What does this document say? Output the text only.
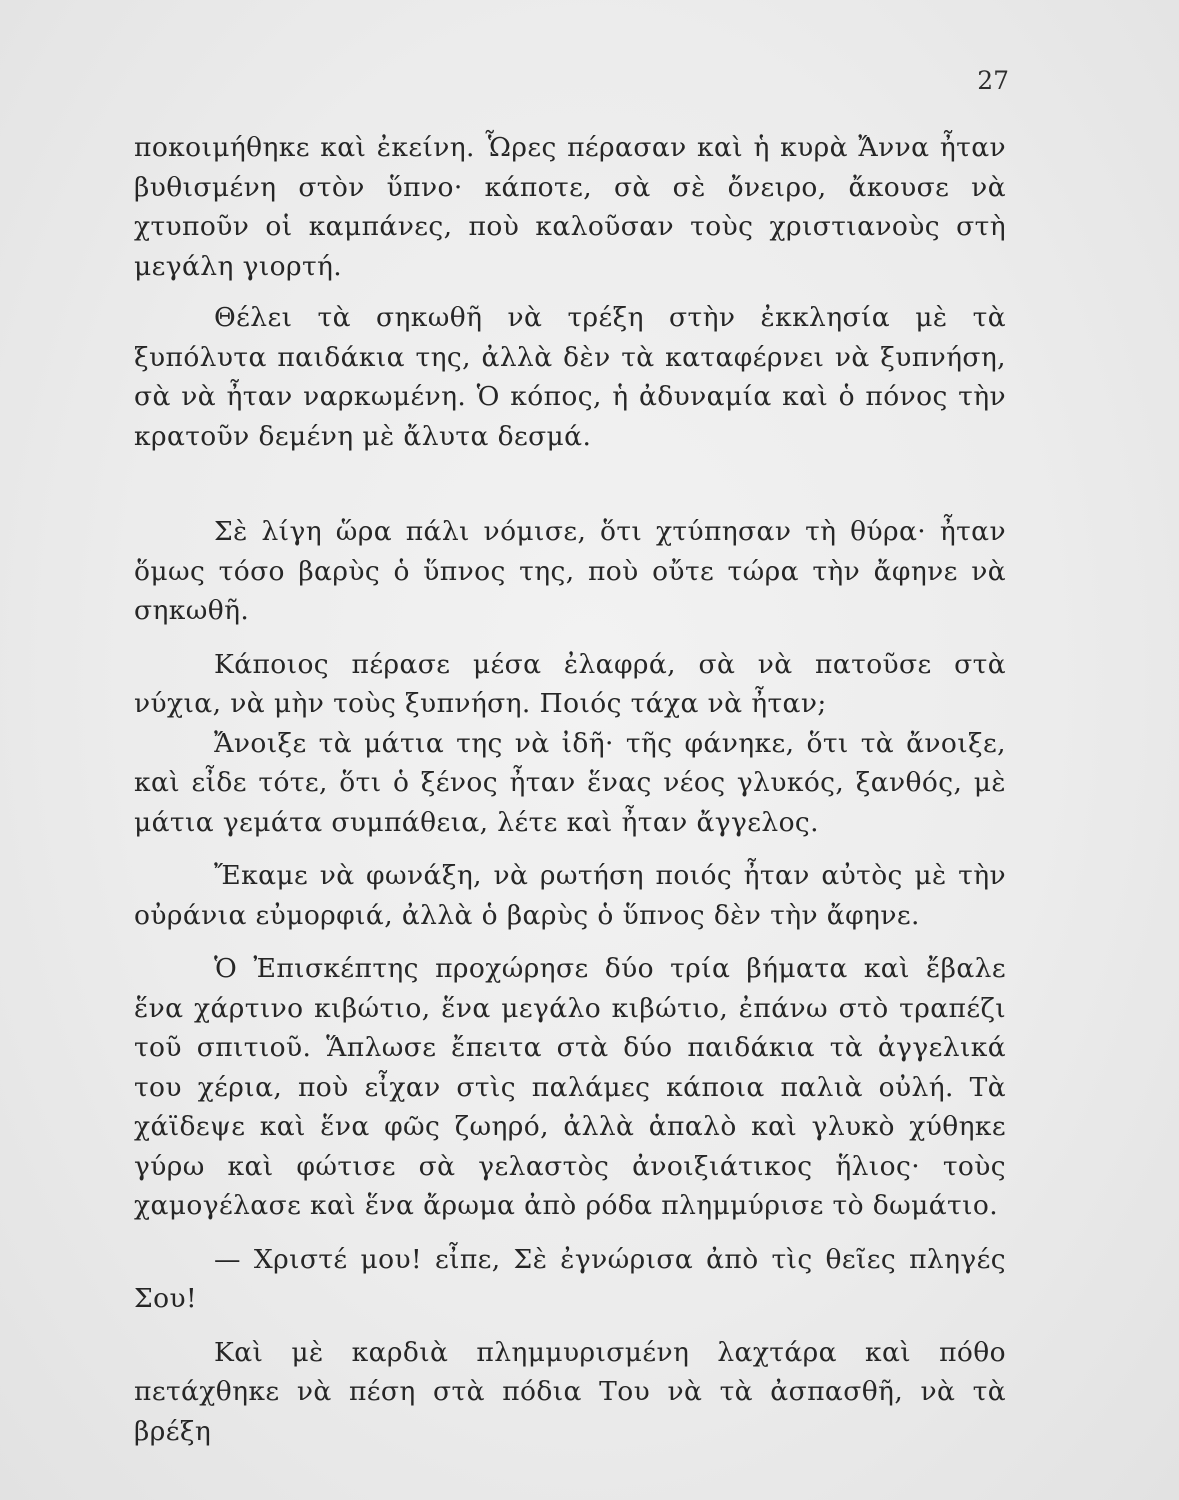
27

ποκοιμήθηκε καὶ ἐκείνη. Ὧρες πέρασαν καὶ ἡ κυρὰ Ἄννα ἦταν βυθισμένη στὸν ὕπνο· κάποτε, σὰ σὲ ὄνειρο, ἄκουσε νὰ χτυποῦν οἱ καμπάνες, ποὺ καλοῦσαν τοὺς χριστιανοὺς στὴ μεγάλη γιορτή.

Θέλει τὰ σηκωθῆ νὰ τρέξη στὴν ἐκκλησία μὲ τὰ ξυπόλυτα παιδάκια της, ἀλλὰ δὲν τὰ καταφέρνει νὰ ξυπνήση, σὰ νὰ ἦταν ναρκωμένη. Ὁ κόπος, ἡ ἀδυναμία καὶ ὁ πόνος τὴν κρατοῦν δεμένη μὲ ἄλυτα δεσμά.

Σὲ λίγη ὥρα πάλι νόμισε, ὅτι χτύπησαν τὴ θύρα· ἦταν ὅμως τόσο βαρὺς ὁ ὕπνος της, ποὺ οὔτε τώρα τὴν ἄφηνε νὰ σηκωθῆ.

Κάποιος πέρασε μέσα ἐλαφρά, σὰ νὰ πατοῦσε στὰ νύχια, νὰ μὴν τοὺς ξυπνήση. Ποιός τάχα νὰ ἦταν;

Ἄνοιξε τὰ μάτια της νὰ ἰδῆ· τῆς φάνηκε, ὅτι τὰ ἄνοιξε, καὶ εἶδε τότε, ὅτι ὁ ξένος ἦταν ἕνας νέος γλυκός, ξανθός, μὲ μάτια γεμάτα συμπάθεια, λέτε καὶ ἦταν ἄγγελος.

Ἔκαμε νὰ φωνάξη, νὰ ρωτήση ποιός ἦταν αὐτὸς μὲ τὴν οὐράνια εὐμορφιά, ἀλλὰ ὁ βαρὺς ὁ ὕπνος δὲν τὴν ἄφηνε.

Ὁ Ἐπισκέπτης προχώρησε δύο τρία βήματα καὶ ἔβαλε ἕνα χάρτινο κιβώτιο, ἕνα μεγάλο κιβώτιο, ἐπάνω στὸ τραπέζι τοῦ σπιτιοῦ. Ἅπλωσε ἔπειτα στὰ δύο παιδάκια τὰ ἀγγελικά του χέρια, ποὺ εἶχαν στὶς παλάμες κάποια παλιὰ οὐλή. Τὰ χάϊδεψε καὶ ἕνα φῶς ζωηρό, ἀλλὰ ἁπαλὸ καὶ γλυκὸ χύθηκε γύρω καὶ φώτισε σὰ γελαστὸς ἀνοιξιάτικος ἥλιος· τοὺς χαμογέλασε καὶ ἕνα ἄρωμα ἀπὸ ρόδα πλημμύρισε τὸ δωμάτιο.

— Χριστέ μου! εἶπε, Σὲ ἐγνώρισα ἀπὸ τὶς θεῖες πληγές Σου!

Καὶ μὲ καρδιὰ πλημμυρισμένη λαχτάρα καὶ πόθο πετάχθηκε νὰ πέση στὰ πόδια Του νὰ τὰ ἀσπασθῆ, νὰ τὰ βρέξη
